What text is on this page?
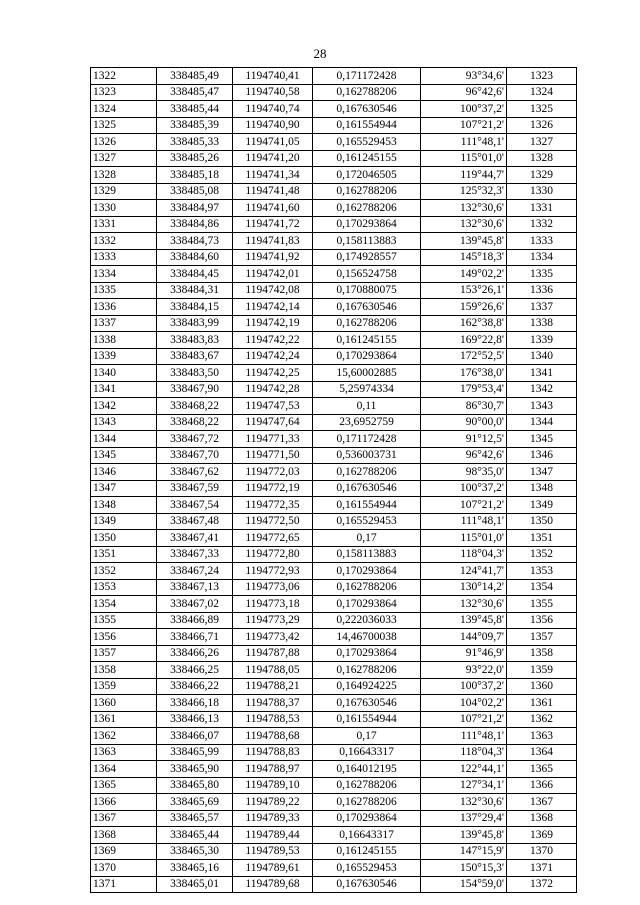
28
1322	338485,49	1194740,41	0,171172428	93°34,6'	1323
1323	338485,47	1194740,58	0,162788206	96°42,6'	1324
1324	338485,44	1194740,74	0,167630546	100°37,2'	1325
1325	338485,39	1194740,90	0,161554944	107°21,2'	1326
1326	338485,33	1194741,05	0,165529453	111°48,1'	1327
1327	338485,26	1194741,20	0,161245155	115°01,0'	1328
1328	338485,18	1194741,34	0,172046505	119°44,7'	1329
1329	338485,08	1194741,48	0,162788206	125°32,3'	1330
1330	338484,97	1194741,60	0,162788206	132°30,6'	1331
1331	338484,86	1194741,72	0,170293864	132°30,6'	1332
1332	338484,73	1194741,83	0,158113883	139°45,8'	1333
1333	338484,60	1194741,92	0,174928557	145°18,3'	1334
1334	338484,45	1194742,01	0,156524758	149°02,2'	1335
1335	338484,31	1194742,08	0,170880075	153°26,1'	1336
1336	338484,15	1194742,14	0,167630546	159°26,6'	1337
1337	338483,99	1194742,19	0,162788206	162°38,8'	1338
1338	338483,83	1194742,22	0,161245155	169°22,8'	1339
1339	338483,67	1194742,24	0,170293864	172°52,5'	1340
1340	338483,50	1194742,25	15,60002885	176°38,0'	1341
1341	338467,90	1194742,28	5,25974334	179°53,4'	1342
1342	338468,22	1194747,53	0,11	86°30,7'	1343
1343	338468,22	1194747,64	23,6952759	90°00,0'	1344
1344	338467,72	1194771,33	0,171172428	91°12,5'	1345
1345	338467,70	1194771,50	0,536003731	96°42,6'	1346
1346	338467,62	1194772,03	0,162788206	98°35,0'	1347
1347	338467,59	1194772,19	0,167630546	100°37,2'	1348
1348	338467,54	1194772,35	0,161554944	107°21,2'	1349
1349	338467,48	1194772,50	0,165529453	111°48,1'	1350
1350	338467,41	1194772,65	0,17	115°01,0'	1351
1351	338467,33	1194772,80	0,158113883	118°04,3'	1352
1352	338467,24	1194772,93	0,170293864	124°41,7'	1353
1353	338467,13	1194773,06	0,162788206	130°14,2'	1354
1354	338467,02	1194773,18	0,170293864	132°30,6'	1355
1355	338466,89	1194773,29	0,222036033	139°45,8'	1356
1356	338466,71	1194773,42	14,46700038	144°09,7'	1357
1357	338466,26	1194787,88	0,170293864	91°46,9'	1358
1358	338466,25	1194788,05	0,162788206	93°22,0'	1359
1359	338466,22	1194788,21	0,164924225	100°37,2'	1360
1360	338466,18	1194788,37	0,167630546	104°02,2'	1361
1361	338466,13	1194788,53	0,161554944	107°21,2'	1362
1362	338466,07	1194788,68	0,17	111°48,1'	1363
1363	338465,99	1194788,83	0,16643317	118°04,3'	1364
1364	338465,90	1194788,97	0,164012195	122°44,1'	1365
1365	338465,80	1194789,10	0,162788206	127°34,1'	1366
1366	338465,69	1194789,22	0,162788206	132°30,6'	1367
1367	338465,57	1194789,33	0,170293864	137°29,4'	1368
1368	338465,44	1194789,44	0,16643317	139°45,8'	1369
1369	338465,30	1194789,53	0,161245155	147°15,9'	1370
1370	338465,16	1194789,61	0,165529453	150°15,3'	1371
1371	338465,01	1194789,68	0,167630546	154°59,0'	1372
